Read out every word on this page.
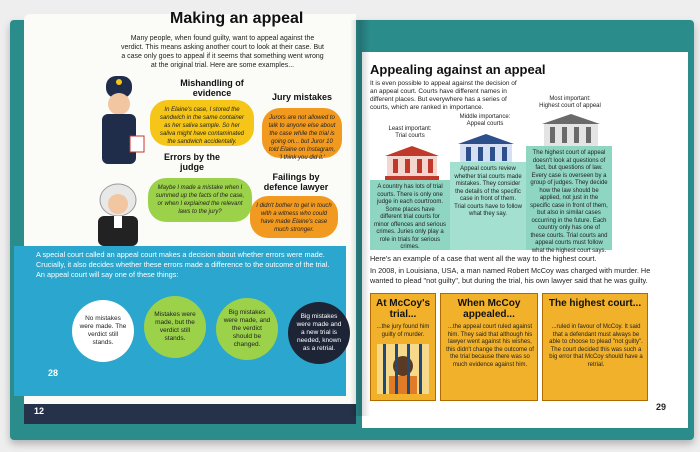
Making an appeal
Many people, when found guilty, want to appeal against the verdict. This means asking another court to look at their case. But a case only goes to appeal if it seems that something went wrong at the original trial. Here are some examples...
Mishandling of evidence
In Elaine's case, I stored the sandwich in the same container as her saliva sample. So her saliva might have contaminated the sandwich accidentally.
Jury mistakes
Jurors are not allowed to talk to anyone else about the case while the trial is going on... but Juror 10 told Elaine on Instagram, 'I think you did it.'
Errors by the judge
Maybe I made a mistake when I summed up the facts of the case, or when I explained the relevant laws to the jury?
Failings by defence lawyer
I didn't bother to get in touch with a witness who could have made Elaine's case much stronger.
A special court called an appeal court makes a decision about whether errors were made. Crucially, it also decides whether these errors made a difference to the outcome of the trial. An appeal court will say one of these things:
No mistakes were made. The verdict still stands.
Mistakes were made, but the verdict still stands.
Big mistakes were made, and the verdict should be changed.
Big mistakes were made and a new trial is needed, known as a retrial.
28
12
Appealing against an appeal
It is even possible to appeal against the decision of an appeal court. Courts have different names in different places. But everywhere has a series of courts, which are ranked in importance.
Least important:
Trial courts
Middle importance:
Appeal courts
Most important:
Highest court of appeal
A country has lots of trial courts. There is only one judge in each courtroom. Some places have different trial courts for minor offences and serious crimes. Juries only play a role in trials for serious crimes.
Appeal courts review whether trial courts made mistakes. They consider the details of the specific case in front of them. Trial courts have to follow what they say.
The highest court of appeal doesn't look at questions of fact, but questions of law. Every case is overseen by a group of judges. They decide how the law should be applied, not just in the specific case in front of them, but also in similar cases occurring in the future. Each country only has one of these courts. Trial courts and appeal courts must follow what the highest court says.
Here's an example of a case that went all the way to the highest court.
In 2008, in Louisiana, USA, a man named Robert McCoy was charged with murder. He wanted to plead "not guilty", but during the trial, his own lawyer said that he was guilty.
At McCoy's trial...
...the jury found him guilty of murder.
When McCoy appealed...
...the appeal court ruled against him. They said that although his lawyer went against his wishes, this didn't change the outcome of the trial because there was so much evidence against him.
The highest court...
...ruled in favour of McCoy. It said that a defendant must always be able to choose to plead "not guilty". The court decided this was such a big error that McCoy should have a retrial.
29
